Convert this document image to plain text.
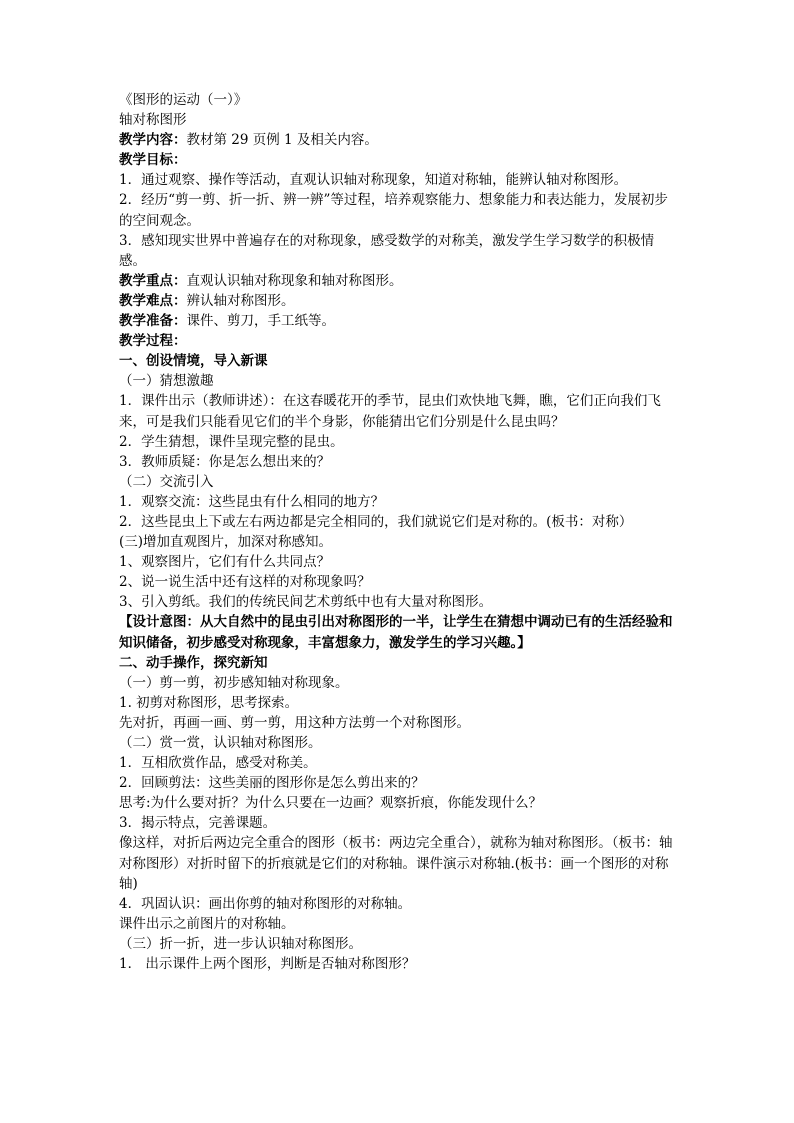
《图形的运动（一）》
轴对称图形
教学内容：教材第 29 页例 1 及相关内容。
教学目标：
1．通过观察、操作等活动，直观认识轴对称现象，知道对称轴，能辨认轴对称图形。
2．经历“剪一剪、折一折、辨一辨”等过程，培养观察能力、想象能力和表达能力，发展初步的空间观念。
3．感知现实世界中普遍存在的对称现象，感受数学的对称美，激发学生学习数学的积极情感。
教学重点：直观认识轴对称现象和轴对称图形。
教学难点：辨认轴对称图形。
教学准备：课件、剪刀，手工纸等。
教学过程：
一、创设情境，导入新课
（一）猜想激趣
1．课件出示（教师讲述）：在这春暖花开的季节，昆虫们欢快地飞舞，瞧，它们正向我们飞来，可是我们只能看见它们的半个身影，你能猜出它们分别是什么昆虫吗？
2．学生猜想，课件呈现完整的昆虫。
3．教师质疑：你是怎么想出来的？
（二）交流引入
1．观察交流：这些昆虫有什么相同的地方？
2．这些昆虫上下或左右两边都是完全相同的，我们就说它们是对称的。(板书：对称）
(三)增加直观图片，加深对称感知。
1、观察图片，它们有什么共同点？
2、说一说生活中还有这样的对称现象吗？
3、引入剪纸。我们的传统民间艺术剪纸中也有大量对称图形。
【设计意图：从大自然中的昆虫引出对称图形的一半，让学生在猜想中调动已有的生活经验和知识储备，初步感受对称现象，丰富想象力，激发学生的学习兴趣。】
二、动手操作，探究新知
（一）剪一剪，初步感知轴对称现象。
1. 初剪对称图形，思考探索。
先对折，再画一画、剪一剪，用这种方法剪一个对称图形。
（二）赏一赏，认识轴对称图形。
1．互相欣赏作品，感受对称美。
2．回顾剪法：这些美丽的图形你是怎么剪出来的？
思考:为什么要对折？为什么只要在一边画？观察折痕，你能发现什么？
3．揭示特点，完善课题。
像这样，对折后两边完全重合的图形（板书：两边完全重合），就称为轴对称图形。（板书：轴对称图形）对折时留下的折痕就是它们的对称轴。课件演示对称轴.(板书：画一个图形的对称轴)
4．巩固认识：画出你剪的轴对称图形的对称轴。
课件出示之前图片的对称轴。
（三）折一折，进一步认识轴对称图形。
1． 出示课件上两个图形，判断是否轴对称图形？
